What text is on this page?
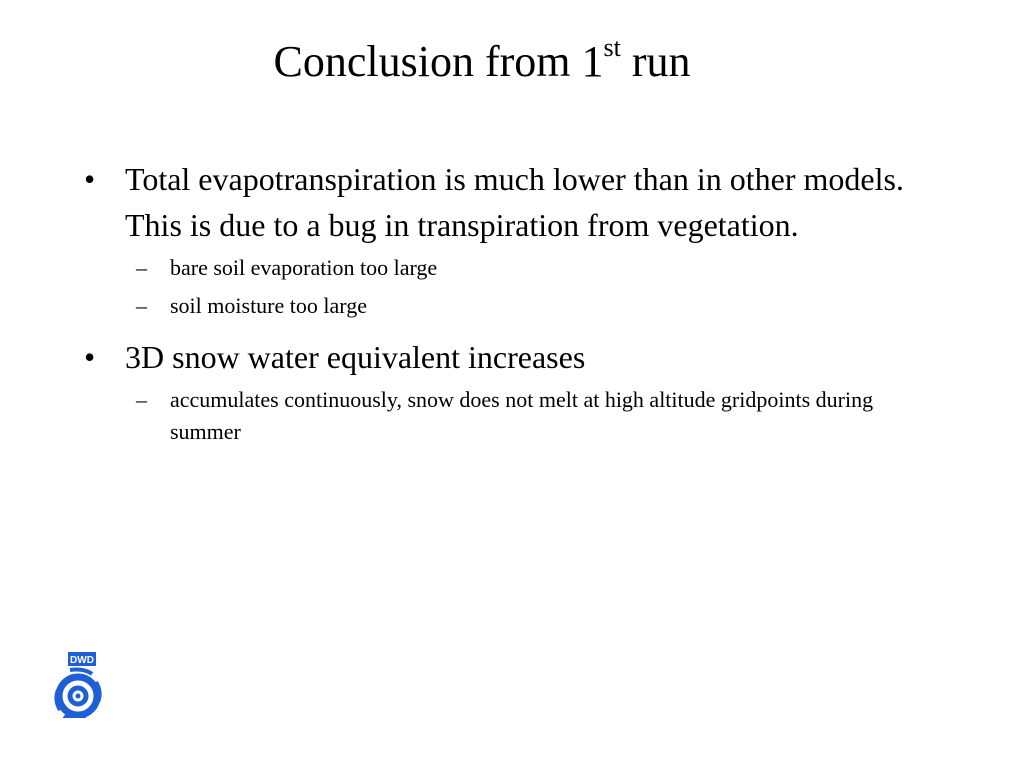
Conclusion from 1st run
• Total evapotranspiration is much lower than in other models. This is due to a bug in transpiration from vegetation.
– bare soil evaporation too large
– soil moisture too large
• 3D snow water equivalent increases
– accumulates continuously, snow does not melt at high altitude gridpoints during summer
DWD
